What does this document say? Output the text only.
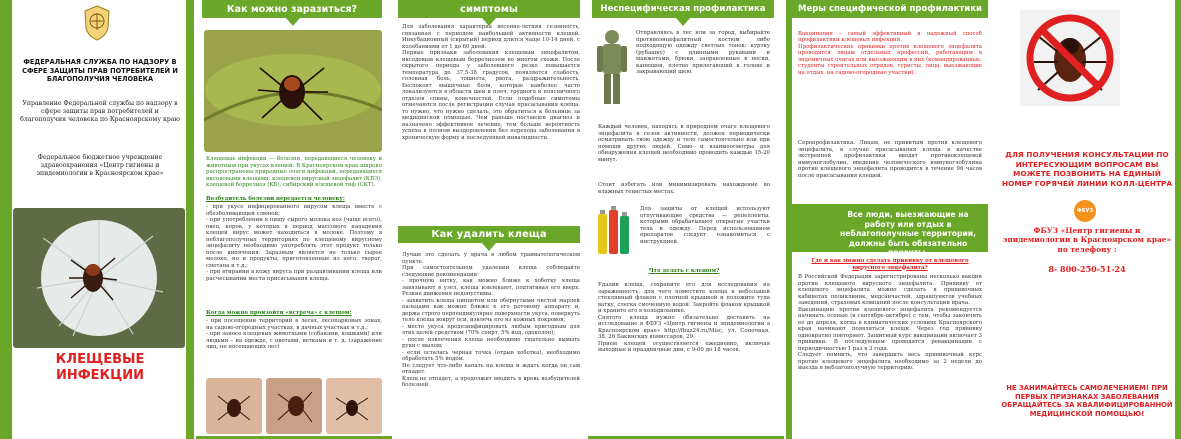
ФЕДЕРАЛЬНАЯ СЛУЖБА ПО НАДЗОРУ В СФЕРЕ ЗАЩИТЫ ПРАВ ПОТРЕБИТЕЛЕЙ И БЛАГОПОЛУЧИЯ ЧЕЛОВЕКА
Управление Федеральной службы по надзору в сфере защиты прав потребителей и благополучия человека по Красноярскому краю
Федеральное бюджетное учреждение здравоохранения «Центр гигиены и эпидемиологии в Красноярском крае»
КЛЕЩЕВЫЕ ИНФЕКЦИИ
Как можно заразиться?
Клещевые инфекции — болезни, передающиеся человеку и животным при укусах клещей. В Красноярском крае широко распространены природные очаги инфекций, передающихся иксодовыми клещами: клещевой вирусный энцефалит (КВЭ), клещевой боррелиоз (КБ), сибирский клещевой тиф (СКТ).
Возбудитель болезни передается человеку:
- при укусе инфицированного вирусом клеща вместе с обезболивающей слюной;
- при употреблении в пищу сырого молока коз (чаще всего), овец, коров, у которых в период массового нападения клещей вирус может находиться в молоке. Поэтому в неблагополучных территориях по клещевому вирусному энцефалиту необходимо употреблять этот продукт только после кипячения. Заразным является не только сырое молоко, но и продукты, приготовленные из него: творог, сметана и т.д.;
- при втирании в кожу вируса при раздавливании клеща или расчесывании места присасывания клеща.
Когда можно произойти «встреча» с клещом:
- при посещении территорий в лесах, лесопарковых зонах, на садово-огородных участках, в дачных участках и т.д.;
- при заносе клещевых животными (собаками, кошками) или людьми – на одежде, с цветами, ветками и т. д. (заражение лиц, не посещающих лес)
симптомы
Для заболевания характерна весенне-летняя сезонность, связанная с периодом наибольшей активности клещей. Инкубационный (скрытый) период длится чаще 10-14 дней, с колебаниями от 1 до 60 дней.
Первые признаки заболевания клещевым энцефалитом, иксодовым клещевым боррелиозом во многом схожи. После скрытого периода у заболевшего резко повышается температура до 37,5-38 градусов, появляется слабость, головная боль, тошнота, рвота, раздражительность. Беспокоят мышечные боли, которые наиболее часто локализуются в области шеи и плеч, грудного и поясничного отделов спины, конечностей. Если подобные симптомы отмечаются после регистрации случая присасывания клеща, то нужно, что нужно сделать, это обратиться к больнице за медицинской помощью. Чем раньше поставлен диагноз и назначено эффективное лечение, тем больше вероятность успеха в полном выздоровлении без перехода заболевания в хроническую форму и последующей инвалидности.
Как удалить клеща
Лучше это сделать у врача в любом травматологическом пункте.
При самостоятельном удалении клеща соблюдайте следующие рекомендации:
- прочную нитку, как можно ближе к хоботку клеща завязывают в узел, клеща извлекают, подтягивая его вверх. Резкие движения недопустимы.
- захватить клеща пинцетом или обернутыми чистой марлей пальцами как можно ближе к его ротовому аппарату и, держа строго перпендикулярно поверхности укуса, повернуть тело клеща вокруг оси, извлечь его из кожных покровов;
- место укуса продезинфицировать любым пригодным для этих целей средством (70% спирт, 5% йод, одеколон);
- после извлечения клеща необходимо тщательно вымыть руки с мылом;
- если осталась черная точка (отрыв хоботка), необходимо обработать 5% йодом.
Не следует что-либо капать на клеща и ждать когда он сам отпадет.
Клещ не отпадет, а продолжит вводить в кровь возбудителей болезней.
Неспецифическая профилактика
Отправляясь в лес или за город, выбирайте противоэнцефалитный костюм либо подходящую одежду светлых тонов: куртку (рубашку) с длинными рукавами и манжетами, брюки, заправленные в носки, капюшон, плотно прилегающий к голове и закрывающий шею.
Каждый человек, находясь в природном очаге клещевого энцефалита в сезон активности, должен периодически осматривать свою одежду и тело самостоятельно или при помощи других людей. Само- и взаимоосмотры для обнаружения клещей необходимо проводить каждые 15-20 минут.
Стоит избегать или минимизировать нахождение во влажных тенистых местах.
Для защиты от клещей используют отпугивающие средства — репелленты, которыми обрабатывают открытые участки тела и одежду. Перед использованием препаратов следует ознакомиться с инструкцией.
Что делать с клещом?
Удалив клеща, сохраните его для исследования на зараженность, для чего поместите клеща в небольшой стеклянный флакон с плотной крышкой и положите туда ватку, слегка смоченную водой. Закройте флакон крышкой и храните его в холодильнике.
Снятого клеща нужно обязательно доставить на исследование в ФБУЗ «Центр гигиены и эпидемиологии в Красноярском крае» http://fbuz24.ru/Misc, ул. Сопочная, 38, 26 Бакинских комиссаров, 29.
Прием клещей осуществляется ежедневно, включая выходные и праздничные дни, с 9-00 до 18 часов.
Меры специфической профилактики

Вакцинация – самый эффективный и надежный способ профилактики клещевых инфекций.
Профилактические прививки против клещевого энцефалита проводятся лицам отдельных профессий, работающим в эндемичных очагах или выезжающим в них (командированные, студенты строительных отрядов, туристы, лица, выезжающие на отдых, на садово-огородные участки).

Серопрофилактика. Лицам, не привитым против клещевого энцефалита, в случае присасывания клеща в качестве экстренной профилактики вводят противоклещевой иммуноглобулин, введение человеческого иммуноглобулина против клещевого энцефалита проводится в течение 96 часов после присасывания клещей.
Все люди, выезжающие на работу или отдых в неблагополучные территории, должны быть обязательно привиты.
Где и как можно сделать прививку от клещевого вирусного энцефалита?
В Российской Федерации зарегистрированы несколько вакцин против клещевого вирусного энцефалита. Прививку от клещевого энцефалита можно сделать в прививочных кабинетах поликлиник, медсанчастей, здравпунктов учебных заведений, страховых компаний после консультации врача.
Вакцинацию против клещевого энцефалита рекомендуется начинать осенью (в сентябре-октябре) с тем, чтобы закончить ее до апреля, когда в климатических условиях Красноярского края начинают появляться клещи. Через год прививку однократно повторяют. Защитный курс вакцинации включает 3 прививки. В последующем проводятся ревакцинации с периодичностью 1 раз в 3 года.
Следует помнить, что завершить весь прививочный курс против клещевого энцефалита необходимо за 2 недели до выезда в неблагополучную территорию.
ДЛЯ ПОЛУЧЕНИЯ КОНСУЛЬТАЦИИ ПО ИНТЕРЕСУЮЩИМ ВОПРОСАМ ВЫ МОЖЕТЕ ПОЗВОНИТЬ НА ЕДИНЫЙ НОМЕР ГОРЯЧЕЙ ЛИНИИ КОЛЛ-ЦЕНТРА
ФБУЗ
ФБУЗ «Центр гигиены и эпидемиологии в Красноярском крае» по телефону :
8- 800-250-51-24
НЕ ЗАНИМАЙТЕСЬ САМОЛЕЧЕНИЕМ! ПРИ ПЕРВЫХ ПРИЗНАКАХ ЗАБОЛЕВАНИЯ ОБРАЩАЙТЕСЬ ЗА КВАЛИФИЦИРОВАННОЙ МЕДИЦИНСКОЙ ПОМОЩЬЮ!
